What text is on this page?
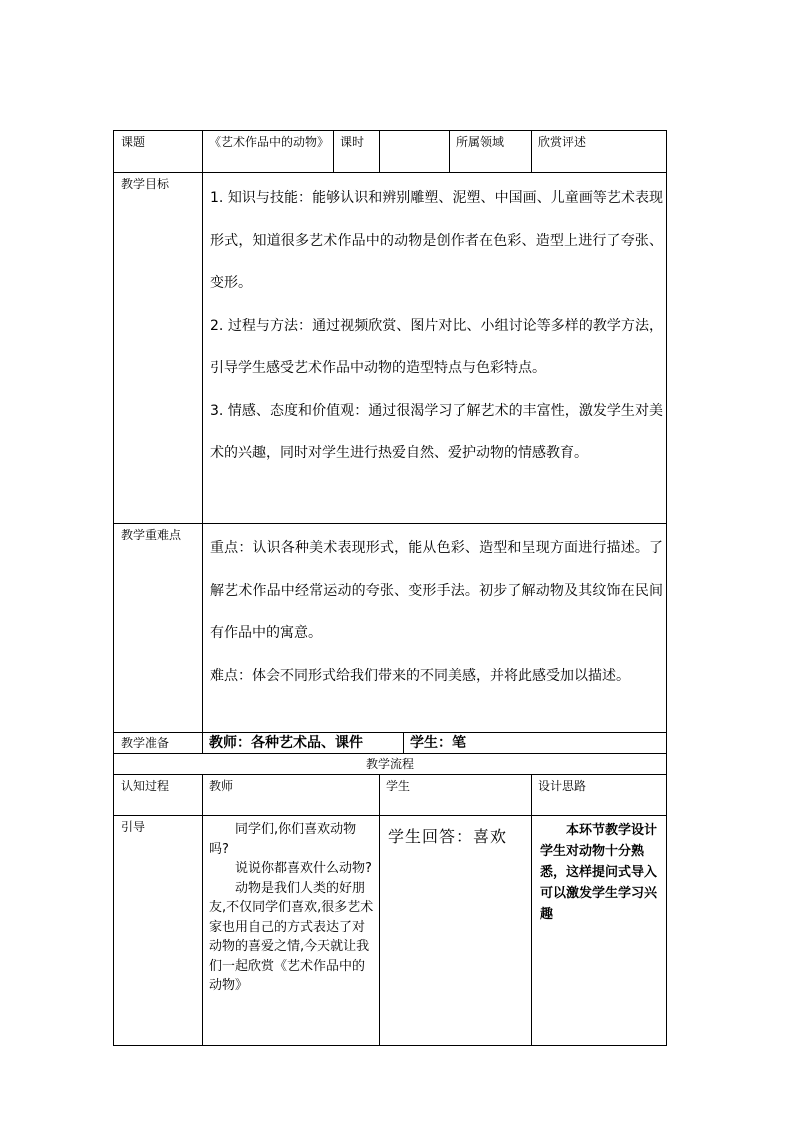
课题	《艺术作品中的动物》	课时			所属领域	欣赏评述
教学目标	1. 知识与技能：能够认识和辨别雕塑、泥塑、中国画、儿童画等艺术表现形式，知道很多艺术作品中的动物是创作者在色彩、造型上进行了夸张、变形。

2. 过程与方法：通过视频欣赏、图片对比、小组讨论等多样的教学方法，引导学生感受艺术作品中动物的造型特点与色彩特点。

3. 情感、态度和价值观：通过很渴学习了解艺术的丰富性，激发学生对美术的兴趣，同时对学生进行热爱自然、爱护动物的情感教育。					

教学重难点	重点：认识各种美术表现形式，能从色彩、造型和呈现方面进行描述。了解艺术作品中经常运动的夸张、变形手法。初步了解动物及其纹饰在民间有作品中的寓意。

难点：体会不同形式给我们带来的不同美感，并将此感受加以描述。					

教学准备	教师：各种艺术品、课件			学生：笔		
教学流程						
认知过程	教师		学生			设计思路
引导	同学们,你们喜欢动物吗?

说说你都喜欢什么动物?

动物是我们人类的好朋友,不仅同学们喜欢,很多艺术家也用自己的方式表达了对动物的喜爱之情,今天就让我们一起欣赏《艺术作品中的动物》		学生回答：喜欢			本环节教学设计学生对动物十分熟悉，这样提问式导入可以激发学生学习兴趣
